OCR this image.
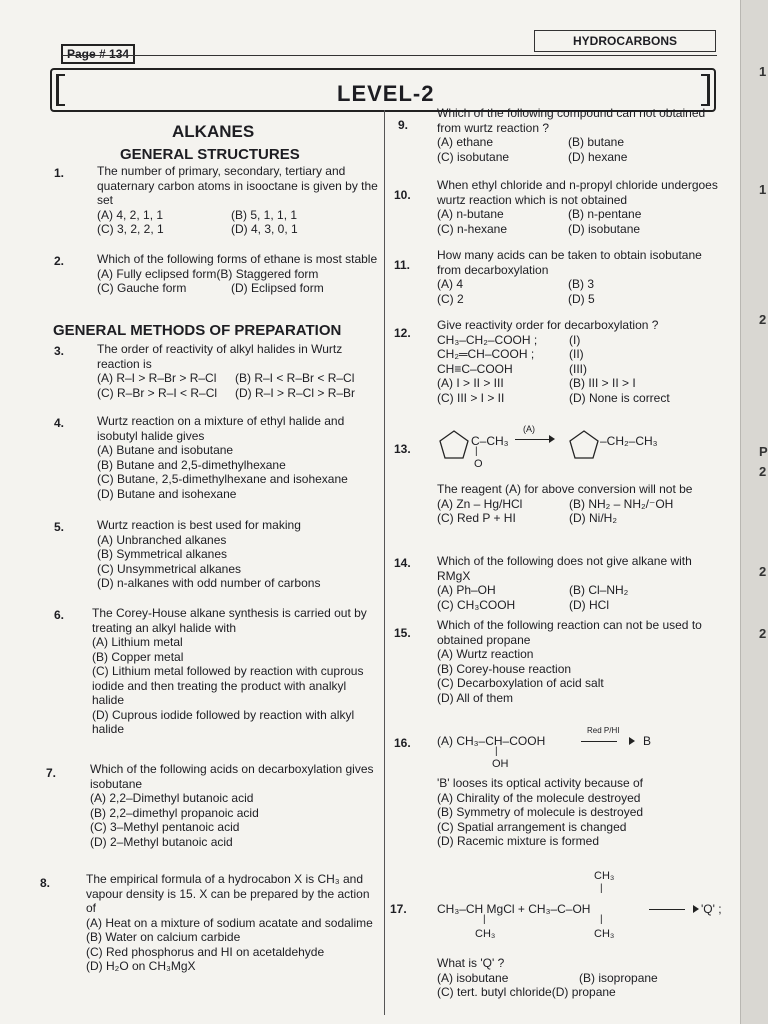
Page # 134
HYDROCARBONS
LEVEL-2
ALKANES
GENERAL STRUCTURES
1.	The number of primary, secondary, tertiary and quaternary carbon atoms in isooctane is given by the set
(A) 4, 2, 1, 1	(B) 5, 1, 1, 1
(C) 3, 2, 2, 1	(D) 4, 3, 0, 1
2.	Which of the following forms of ethane is most stable
(A) Fully eclipsed form (B) Staggered form
(C) Gauche form	(D) Eclipsed form
GENERAL METHODS OF PREPARATION
3.	The order of reactivity of alkyl halides in Wurtz reaction is
(A) R–I > R–Br > R–Cl	(B) R–I < R–Br < R–Cl
(C) R–Br > R–I < R–Cl	(D) R–I > R–Cl > R–Br
4.	Wurtz reaction on a mixture of ethyl halide and isobutyl halide gives
(A) Butane and isobutane
(B) Butane and 2,5-dimethylhexane
(C) Butane, 2,5-dimethylhexane and isohexane
(D) Butane and isohexane
5.	Wurtz reaction is best used for making
(A) Unbranched alkanes
(B) Symmetrical alkanes
(C) Unsymmetrical alkanes
(D) n-alkanes with odd number of carbons
6. The Corey-House alkane synthesis is carried out by treating an alkyl halide with
(A) Lithium metal
(B) Copper metal
(C) Lithium metal followed by reaction with cuprous iodide and then treating the product with analkyl halide
(D) Cuprous iodide followed by reaction with alkyl halide
7.	Which of the following acids on decarboxylation gives isobutane
(A) 2,2–Dimethyl butanoic acid
(B) 2,2–dimethyl propanoic acid
(C) 3–Methyl pentanoic acid
(D) 2–Methyl butanoic acid
8.	The empirical formula of a hydrocabon X is CH₃ and vapour density is 15. X can be prepared by the action of
(A) Heat on a mixture of sodium acatate and sodalime
(B) Water on calcium carbide
(C) Red phosphorus and HI on acetaldehyde
(D) H₂O on CH₃MgX
9.
Which of the following compound can not obtained from wurtz reaction ?
(A) ethane	(B) butane
(C) isobutane	(D) hexane
10.
When ethyl chloride and n-propyl chloride undergoes wurtz reaction which is not obtained
(A) n-butane	(B) n-pentane
(C) n-hexane	(D) isobutane
11.
How many acids can be taken to obtain isobutane from decarboxylation
(A) 4	(B) 3
(C) 2	(D) 5
12.
Give reactivity order for decarboxylation ?
CH₃–CH₂–COOH ;	(I)
CH₂═CH–COOH ;	(II)
CH≡C–COOH	(III)
(A) I > II > III	(B) III > II > I
(C) III > I > II	(D) None is correct
13.
C–CH₃
|
O
(A)
–CH₂–CH₃
The reagent (A) for above conversion will not be
(A) Zn – Hg/HCl	(B) NH₂ – NH₂/⁻OH
(C) Red P + HI	(D) Ni/H₂
14. Which of the following does not give alkane with RMgX
(A) Ph–OH	(B) Cl–NH₂
(C) CH₃COOH	(D) HCl
15.
Which of the following reaction can not be used to obtained propane
(A) Wurtz reaction
(B) Corey-house reaction
(C) Decarboxylation of acid salt
(D) All of them
16. (A) CH₃–CH–COOH
|
OH
Red P/HI
B
'B' looses its optical activity because of
(A) Chirality of the molecule destroyed
(B) Symmetry of molecule is destroyed
(C) Spatial arrangement is changed
(D) Racemic mixture is formed
17.
CH₃
|
CH₃–CH MgCl + CH₃–C–OH
|	|
CH₃	CH₃
'Q' ;
What is 'Q' ?
(A) isobutane	(B) isopropane
(C) tert. butyl chloride (D) propane
1
1
2
P
2
2
2
